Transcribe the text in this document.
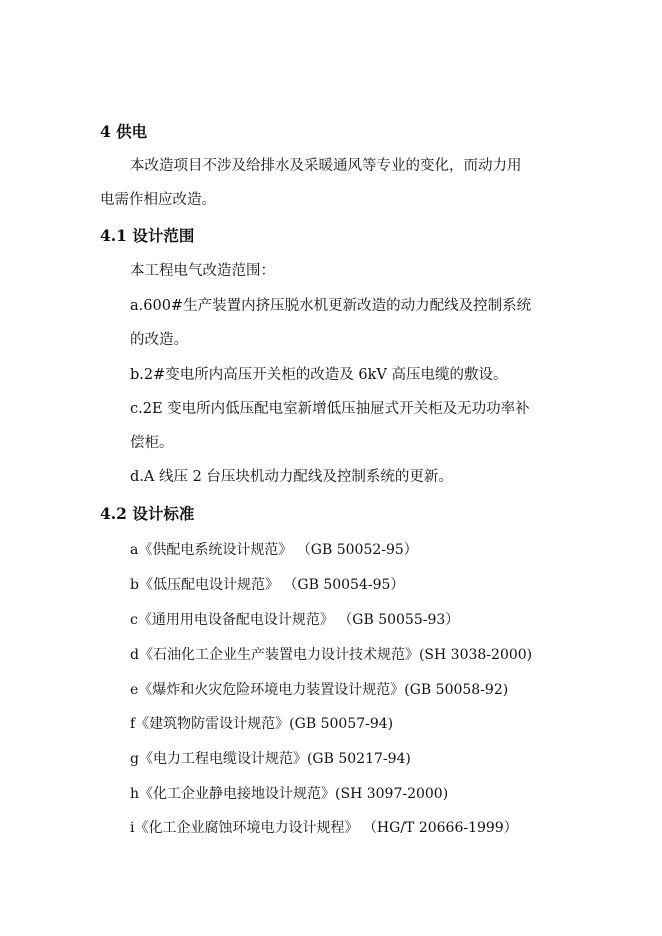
4 供电
本改造项目不涉及给排水及采暖通风等专业的变化，而动力用
电需作相应改造。
4.1 设计范围
本工程电气改造范围：
a.600#生产装置内挤压脱水机更新改造的动力配线及控制系统
的改造。
b.2#变电所内高压开关柜的改造及 6kV 高压电缆的敷设。
c.2E 变电所内低压配电室新增低压抽屉式开关柜及无功功率补
偿柜。
d.A 线压 2 台压块机动力配线及控制系统的更新。
4.2 设计标准
a《供配电系统设计规范》 （GB 50052-95）
b《低压配电设计规范》 （GB 50054-95）
c《通用用电设备配电设计规范》 （GB 50055-93）
d《石油化工企业生产装置电力设计技术规范》(SH 3038-2000)
e《爆炸和火灾危险环境电力装置设计规范》(GB 50058-92)
f《建筑物防雷设计规范》(GB 50057-94)
g《电力工程电缆设计规范》(GB 50217-94)
h《化工企业静电接地设计规范》(SH 3097-2000)
i《化工企业腐蚀环境电力设计规程》 （HG/T 20666-1999）
